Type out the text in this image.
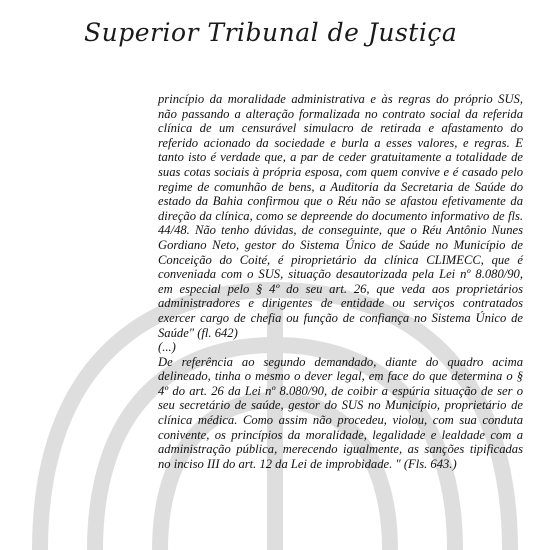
Superior Tribunal de Justiça

princípio da moralidade administrativa e às regras do próprio SUS, não passando a alteração formalizada no contrato social da referida clínica de um censurável simulacro de retirada e afastamento do referido acionado da sociedade e burla a esses valores, e regras. E tanto isto é verdade que, a par de ceder gratuitamente a totalidade de suas cotas sociais à própria esposa, com quem convive e é casado pelo regime de comunhão de bens, a Auditoria da Secretaria de Saúde do estado da Bahia confirmou que o Réu não se afastou efetivamente da direção da clínica, como se depreende do documento informativo de fls. 44/48. Não tenho dúvidas, de conseguinte, que o Réu Antônio Nunes Gordiano Neto, gestor do Sistema Único de Saúde no Município de Conceição do Coité, é piroprietário da clínica CLIMECC, que é conveniada com o SUS, situação desautorizada pela Lei nº 8.080/90, em especial pelo § 4º do seu art. 26, que veda aos proprietários administradores e dirigentes de entidade ou serviços contratados exercer cargo de chefia ou função de confiança no Sistema Único de Saúde" (fl. 642)

(...)

De referência ao segundo demandado, diante do quadro acima delineado, tinha o mesmo o dever legal, em face do que determina o § 4º do art. 26 da Lei nº 8.080/90, de coibir a espúria situação de ser o seu secretário de saúde, gestor do SUS no Município, proprietário de clínica médica. Como assim não procedeu, violou, com sua conduta conivente, os princípios da moralidade, legalidade e lealdade com a administração pública, merecendo igualmente, as sanções tipificadas no inciso III do art. 12 da Lei de improbidade. " (Fls. 643.)
